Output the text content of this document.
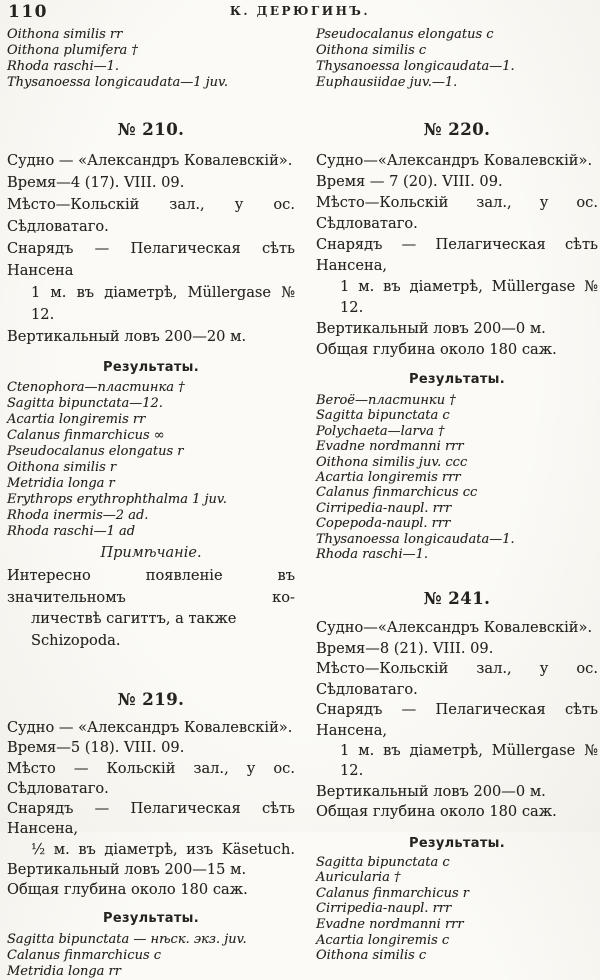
110	К. ДЕРЮГИНЪ.
Oithona similis rr
Oithona plumifera †
Rhoda raschi—1.
Thysanoessa longicaudata—1 juv.
№ 210.
Судно — «Александръ Ковалевскій».
Время—4 (17). VIII. 09.
Мѣсто—Кольскій зал., у ос. Сѣдловатаго.
Снарядъ — Пелагическая сѣть Нансена
1 м. въ діаметрѣ, Müllergase № 12.
Вертикальный ловъ 200—20 м.
Результаты.
Ctenophora—пластинка †
Sagitta bipunctata—12.
Acartia longiremis rr
Calanus finmarchicus ∞
Pseudocalanus elongatus r
Oithona similis r
Metridia longa r
Erythrops erythrophthalma 1 juv.
Rhoda inermis—2 ad.
Rhoda raschi—1 ad
Примѣчаніе.
Интересно появленіе въ значительномъ ко-
личествѣ сагиттъ, а также Schizopoda.
№ 219.
Судно — «Александръ Ковалевскій».
Время—5 (18). VIII. 09.
Мѣсто — Кольскій зал., у ос. Сѣдловатаго.
Снарядъ — Пелагическая сѣть Нансена,
½ м. въ діаметрѣ, изъ Käsetuch.
Вертикальный ловъ 200—15 м.
Общая глубина около 180 саж.
Результаты.
Sagitta bipunctata — нѣск. экз. juv.
Calanus finmarchicus c
Metridia longa rr
Pseudocalanus elongatus c
Oithona similis c
Thysanoessa longicaudata—1.
Euphausiidae juv.—1.
№ 220.
Судно—«Александръ Ковалевскій».
Время — 7 (20). VIII. 09.
Мѣсто—Кольскій зал., у ос. Сѣдловатаго.
Снарядъ — Пелагическая сѣть Нансена,
1 м. въ діаметрѣ, Müllergase № 12.
Вертикальный ловъ 200—0 м.
Общая глубина около 180 саж.
Результаты.
Beroë—пластинки †
Sagitta bipunctata c
Polychaeta—larva †
Evadne nordmanni rrr
Oithona similis juv. ccc
Acartia longiremis rrr
Calanus finmarchicus cc
Cirripedia-naupl. rrr
Copepoda-naupl. rrr
Thysanoessa longicaudata—1.
Rhoda raschi—1.
№ 241.
Судно—«Александръ Ковалевскій».
Время—8 (21). VIII. 09.
Мѣсто—Кольскій зал., у ос. Сѣдловатаго.
Снарядъ — Пелагическая сѣть Нансена,
1 м. въ діаметрѣ, Müllergase № 12.
Вертикальный ловъ 200—0 м.
Общая глубина около 180 саж.
Результаты.
Sagitta bipunctata c
Auricularia †
Calanus finmarchicus r
Cirripedia-naupl. rrr
Evadne nordmanni rrr
Acartia longiremis c
Oithona similis c
